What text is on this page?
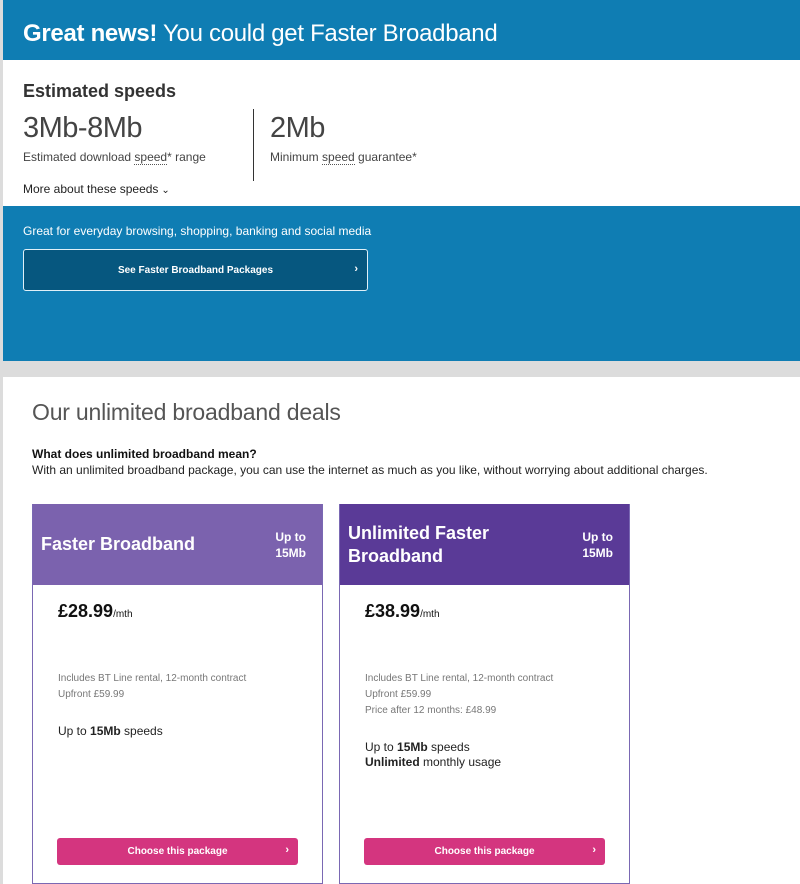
Great news! You could get Faster Broadband
Estimated speeds
3Mb-8Mb
Estimated download speed* range
2Mb
Minimum speed guarantee*
More about these speeds ⌄
Great for everyday browsing, shopping, banking and social media
See Faster Broadband Packages	›
Our unlimited broadband deals
What does unlimited broadband mean?
With an unlimited broadband package, you can use the internet as much as you like, without worrying about additional charges.
Faster Broadband	Up to
15Mb
£28.99/mth
Includes BT Line rental, 12-month contract
Upfront £59.99
Up to 15Mb speeds
Choose this package	›
Unlimited Faster
Broadband
Up to
15Mb
£38.99/mth
Includes BT Line rental, 12-month contract
Upfront £59.99
Price after 12 months: £48.99
Up to 15Mb speeds
Unlimited monthly usage
Choose this package	›
